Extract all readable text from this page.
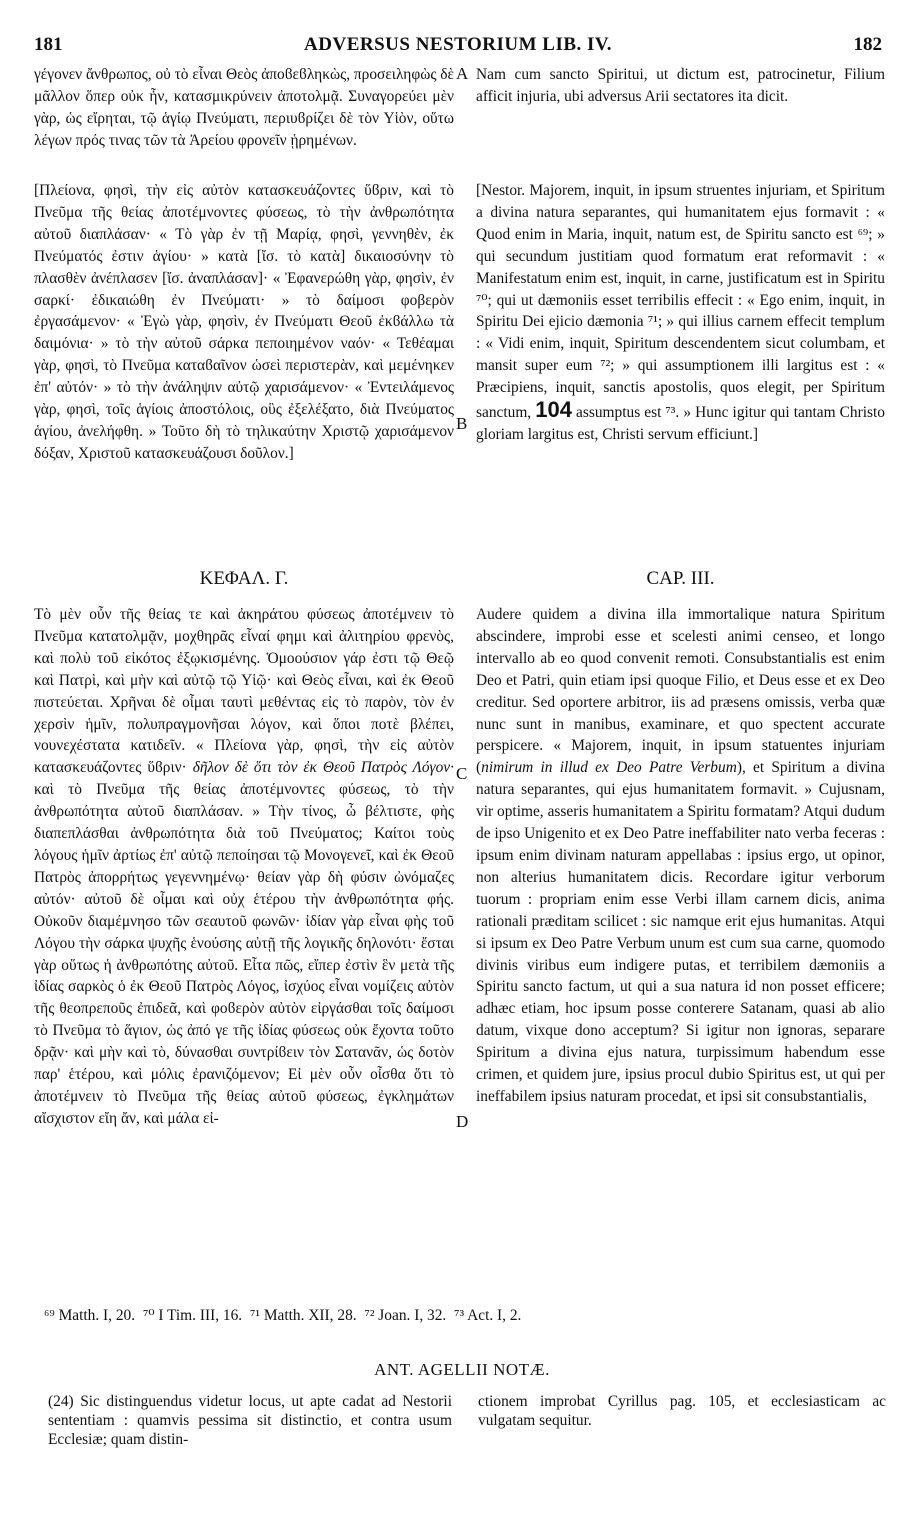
181	ADVERSUS NESTORIUM LIB. IV.	182

γέγονεν ἄνθρωπος, οὐ τὸ εἶναι Θεὸς ἀποϐεϐληκὼς, προσειληφὼς δὲ μᾶλλον ὅπερ οὐκ ἦν, κατασμικρύνειν ἀποτολμᾷ. Συναγορεύει μὲν γὰρ, ὡς εἴρηται, τῷ ἁγίῳ Πνεύματι, περιυϐρίζει δὲ τὸν Υἱὸν, οὕτω λέγων πρός τινας τῶν τὰ Ἀρείου φρονεῖν ᾑρημένων.

Nam cum sancto Spiritui, ut dictum est, patrocinetur, Filium afficit injuria, ubi adversus Arii sectatores ita dicit.

[Πλείονα, φησὶ, τὴν εἰς αὐτὸν κατασκευάζοντες ὕϐριν, καὶ τὸ Πνεῦμα τῆς θείας ἀποτέμνοντες φύσεως, τὸ τὴν ἀνθρωπότητα αὐτοῦ διαπλάσαν· « Τὸ γὰρ ἐν τῇ Μαρίᾳ, φησὶ, γεννηθὲν, ἐκ Πνεύματός ἐστιν ἁγίου· » κατὰ [ἴσ. τὸ κατὰ] δικαιοσύνην τὸ πλασθὲν ἀνέπλασεν [ἴσ. ἀναπλάσαν]· « Ἐφανερώθη γὰρ, φησὶν, ἐν σαρκί· ἐδικαιώθη ἐν Πνεύματι· » τὸ δαίμοσι φοβερὸν ἐργασάμενον· « Ἐγὼ γὰρ, φησὶν, ἐν Πνεύματι Θεοῦ ἐκϐάλλω τὰ δαιμόνια· » τὸ τὴν αὐτοῦ σάρκα πεποιημένον ναόν· « Τεθέαμαι γὰρ, φησὶ, τὸ Πνεῦμα καταϐαῖνον ὡσεὶ περιστερὰν, καὶ μεμένηκεν ἐπ' αὐτόν· » τὸ τὴν ἀνάληψιν αὐτῷ χαρισάμενον· « Ἐντειλάμενος γὰρ, φησὶ, τοῖς ἁγίοις ἀποστόλοις, οὓς ἐξελέξατο, διὰ Πνεύματος ἁγίου, ἀνελήφθη. » Τοῦτο δὴ τὸ τηλικαύτην Χριστῷ χαρισάμενον δόξαν, Χριστοῦ κατασκευάζουσι δοῦλον.]

[Nestor. Majorem, inquit, in ipsum struentes injuriam, et Spiritum a divina natura separantes, qui humanitatem ejus formavit : « Quod enim in Maria, inquit, natum est, de Spiritu sancto est ⁶⁹; » qui secundum justitiam quod formatum erat reformavit : « Manifestatum enim est, inquit, in carne, justificatum est in Spiritu ⁷⁰; qui ut dæmoniis esset terribilis effecit : « Ego enim, inquit, in Spiritu Dei ejicio dæmonia ⁷¹; » qui illius carnem effecit templum : « Vidi enim, inquit, Spiritum descendentem sicut columbam, et mansit super eum ⁷²; » qui assumptionem illi largitus est : « Præcipiens, inquit, sanctis apostolis, quos elegit, per Spiritum sanctum, 104 assumptus est ⁷³. » Hunc igitur qui tantam Christo gloriam largitus est, Christi servum efficiunt.]

A
B
C
D
ΚΕΦΑΛ. Γ.	CAP. III.

Τὸ μὲν οὖν τῆς θείας τε καὶ ἀκηράτου φύσεως ἀποτέμνειν τὸ Πνεῦμα κατατολμᾷν, μοχθηρᾶς εἶναί φημι καὶ ἀλιτηρίου φρενὸς, καὶ πολὺ τοῦ εἰκότος ἐξῳκισμένης. Ὁμοούσιον γάρ ἐστι τῷ Θεῷ καὶ Πατρὶ, καὶ μὴν καὶ αὐτῷ τῷ Υἱῷ· καὶ Θεὸς εἶναι, καὶ ἐκ Θεοῦ πιστεύεται. Χρῆναι δὲ οἶμαι ταυτὶ μεθέντας εἰς τὸ παρὸν, τὸν ἐν χερσὶν ἡμῖν, πολυπραγμονῆσαι λόγον, καὶ ὅποι ποτὲ βλέπει, νουνεχέστατα κατιδεῖν. « Πλείονα γὰρ, φησὶ, τὴν εἰς αὐτὸν κατασκευάζοντες ὕϐριν· δῆλον δὲ ὅτι τὸν ἐκ Θεοῦ Πατρὸς Λόγον· καὶ τὸ Πνεῦμα τῆς θείας ἀποτέμνοντες φύσεως, τὸ τὴν ἀνθρωπότητα αὐτοῦ διαπλάσαν. » Τὴν τίνος, ὦ βέλτιστε, φὴς διαπεπλάσθαι ἀνθρωπότητα διὰ τοῦ Πνεύματος; Καίτοι τοὺς λόγους ἡμῖν ἀρτίως ἐπ' αὐτῷ πεποίησαι τῷ Μονογενεῖ, καὶ ἐκ Θεοῦ Πατρὸς ἀπορρήτως γεγεννημένῳ· θείαν γὰρ δὴ φύσιν ὠνόμαζες αὐτόν· αὐτοῦ δὲ οἶμαι καὶ οὐχ ἑτέρου τὴν ἀνθρωπότητα φής. Οὐκοῦν διαμέμνησο τῶν σεαυτοῦ φωνῶν· ἰδίαν γὰρ εἶναι φὴς τοῦ Λόγου τὴν σάρκα ψυχῆς ἑνούσης αὐτῇ τῆς λογικῆς δηλονότι· ἔσται γὰρ οὕτως ἡ ἀνθρωπότης αὐτοῦ. Εἶτα πῶς, εἴπερ ἐστὶν ἓν μετὰ τῆς ἰδίας σαρκὸς ὁ ἐκ Θεοῦ Πατρὸς Λόγος, ἰσχύος εἶναι νομίζεις αὐτὸν τῆς θεοπρεποῦς ἐπιδεᾶ, καὶ φοϐερὸν αὐτὸν εἰργάσθαι τοῖς δαίμοσι τὸ Πνεῦμα τὸ ἅγιον, ὡς ἀπό γε τῆς ἰδίας φύσεως οὐκ ἔχοντα τοῦτο δρᾷν· καὶ μὴν καὶ τὸ, δύνασθαι συντρίϐειν τὸν Σατανᾶν, ὡς δοτὸν παρ' ἑτέρου, καὶ μόλις ἐρανιζόμενον; Εἰ μὲν οὖν οἶσθα ὅτι τὸ ἀποτέμνειν τὸ Πνεῦμα τῆς θείας αὐτοῦ φύσεως, ἐγκλημάτων αἴσχιστον εἴη ἄν, καὶ μάλα εἰ-

Audere quidem a divina illa immortalique natura Spiritum abscindere, improbi esse et scelesti animi censeo, et longo intervallo ab eo quod convenit remoti. Consubstantialis est enim Deo et Patri, quin etiam ipsi quoque Filio, et Deus esse et ex Deo creditur. Sed oportere arbitror, iis ad præsens omissis, verba quæ nunc sunt in manibus, examinare, et quo spectent accurate perspicere. « Majorem, inquit, in ipsum statuentes injuriam (nimirum in illud ex Deo Patre Verbum), et Spiritum a divina natura separantes, qui ejus humanitatem formavit. » Cujusnam, vir optime, asseris humanitatem a Spiritu formatam? Atqui dudum de ipso Unigenito et ex Deo Patre ineffabiliter nato verba feceras : ipsum enim divinam naturam appellabas : ipsius ergo, ut opinor, non alterius humanitatem dicis. Recordare igitur verborum tuorum : propriam enim esse Verbi illam carnem dicis, anima rationali præditam scilicet : sic namque erit ejus humanitas. Atqui si ipsum ex Deo Patre Verbum unum est cum sua carne, quomodo divinis viribus eum indigere putas, et terribilem dæmoniis a Spiritu sancto factum, ut qui a sua natura id non posset efficere; adhæc etiam, hoc ipsum posse conterere Satanam, quasi ab alio datum, vixque dono acceptum? Si igitur non ignoras, separare Spiritum a divina ejus natura, turpissimum habendum esse crimen, et quidem jure, ipsius procul dubio Spiritus est, ut qui per ineffabilem ipsius naturam procedat, et ipsi sit consubstantialis,

⁶⁹ Matth. I, 20. ⁷⁰ I Tim. III, 16. ⁷¹ Matth. XII, 28. ⁷² Joan. I, 32. ⁷³ Act. I, 2.
ANT. AGELLII NOTÆ.
(24) Sic distinguendus videtur locus, ut apte cadat ad Nestorii sententiam : quamvis pessima sit distinctio, et contra usum Ecclesiæ; quam distin-
ctionem improbat Cyrillus pag. 105, et ecclesiasticam ac vulgatam sequitur.
